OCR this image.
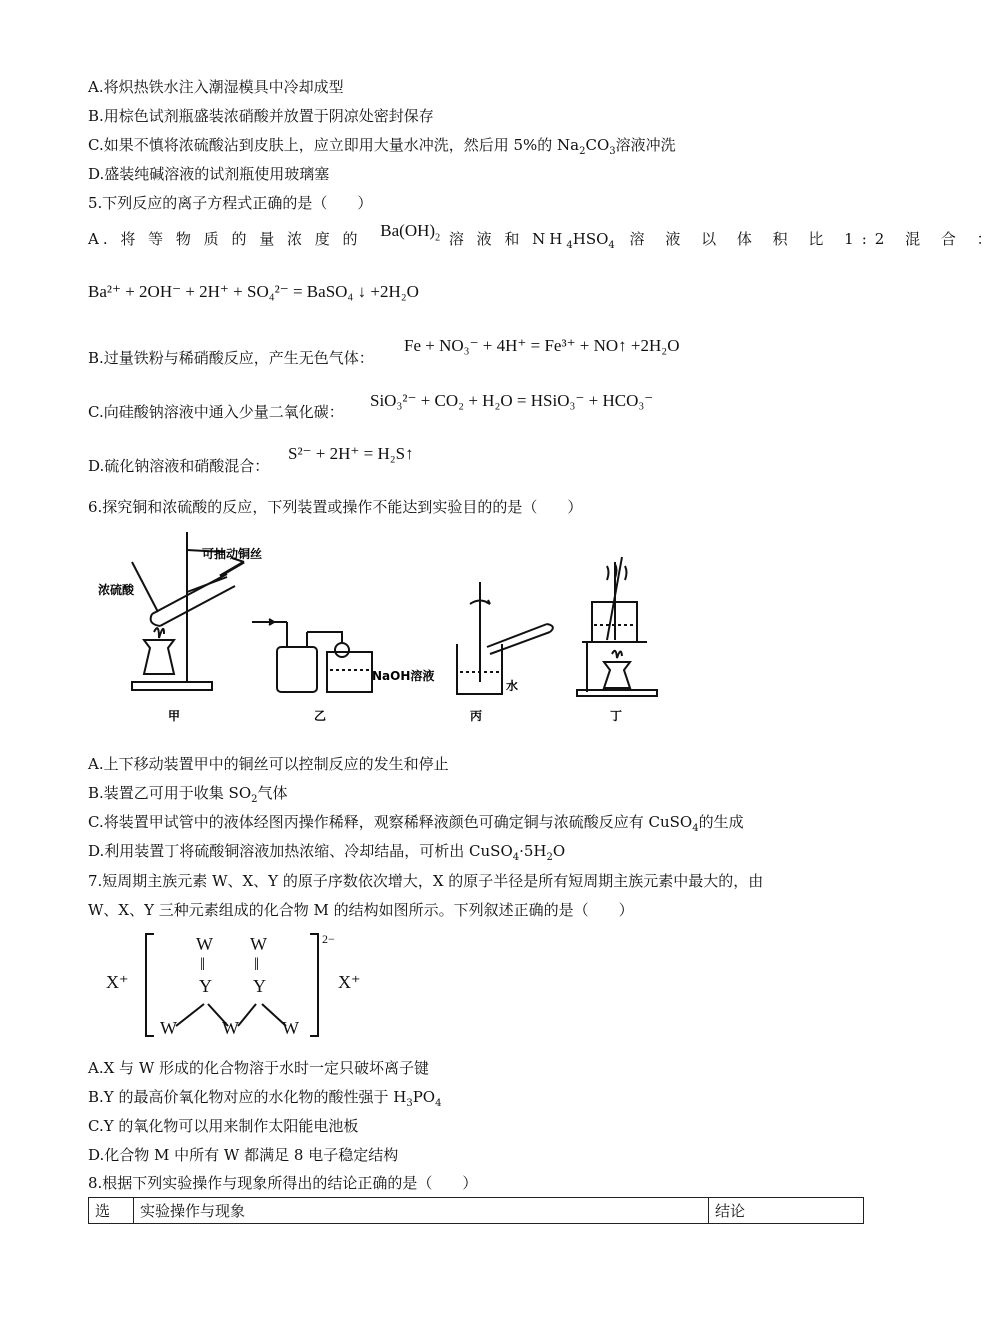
A.将炽热铁水注入潮湿模具中冷却成型
B.用棕色试剂瓶盛装浓硝酸并放置于阴凉处密封保存
C.如果不慎将浓硫酸沾到皮肤上，应立即用大量水冲洗，然后用 5%的 $Na_2CO_3$溶液冲洗
D.盛装纯碱溶液的试剂瓶使用玻璃塞
5.下列反应的离子方程式正确的是（　　）
A. 将 等 物 质 的 量 浓 度 的 $Ba(OH)_2$ 溶 液 和 $NH_4HSO_4$ 溶 液 以 体 积 比 1:2 混 合 ：
Ba²⁺ + 2OH⁻ + 2H⁺ + SO₄²⁻ = BaSO₄ ↓ +2H₂O
B.过量铁粉与稀硝酸反应，产生无色气体：
Fe + NO₃⁻ + 4H⁺ = Fe³⁺ + NO↑ +2H₂O
C.向硅酸钠溶液中通入少量二氧化碳：
SiO₃²⁻ + CO₂ + H₂O = HSiO₃⁻ + HCO₃⁻
D.硫化钠溶液和硝酸混合：
S²⁻ + 2H⁺ = H₂S↑
6.探究铜和浓硫酸的反应，下列装置或操作不能达到实验目的的是（　　）
可抽动铜丝
浓硫酸
NaOH溶液
水
甲	乙	丙	丁
A.上下移动装置甲中的铜丝可以控制反应的发生和停止
B.装置乙可用于收集 $SO_2$气体
C.将装置甲试管中的液体经图丙操作稀释，观察稀释液颜色可确定铜与浓硫酸反应有 CuSO$_4$的生成
D.利用装置丁将硫酸铜溶液加热浓缩、冷却结晶，可析出 $CuSO_4\cdot 5H_2O$
7.短周期主族元素 W、X、Y 的原子序数依次增大，X 的原子半径是所有短周期主族元素中最大的，由
W、X、Y 三种元素组成的化合物 M 的结构如图所示。下列叙述正确的是（　　）
X⁺
W
‖
Y
W
‖
Y
W	W W
2−
X⁺
A.X 与 W 形成的化合物溶于水时一定只破坏离子键
B.Y 的最高价氧化物对应的水化物的酸性强于 $H_3PO_4$
C.Y 的氧化物可以用来制作太阳能电池板
D.化合物 M 中所有 W 都满足 8 电子稳定结构
8.根据下列实验操作与现象所得出的结论正确的是（　　）
选	实验操作与现象	结论
